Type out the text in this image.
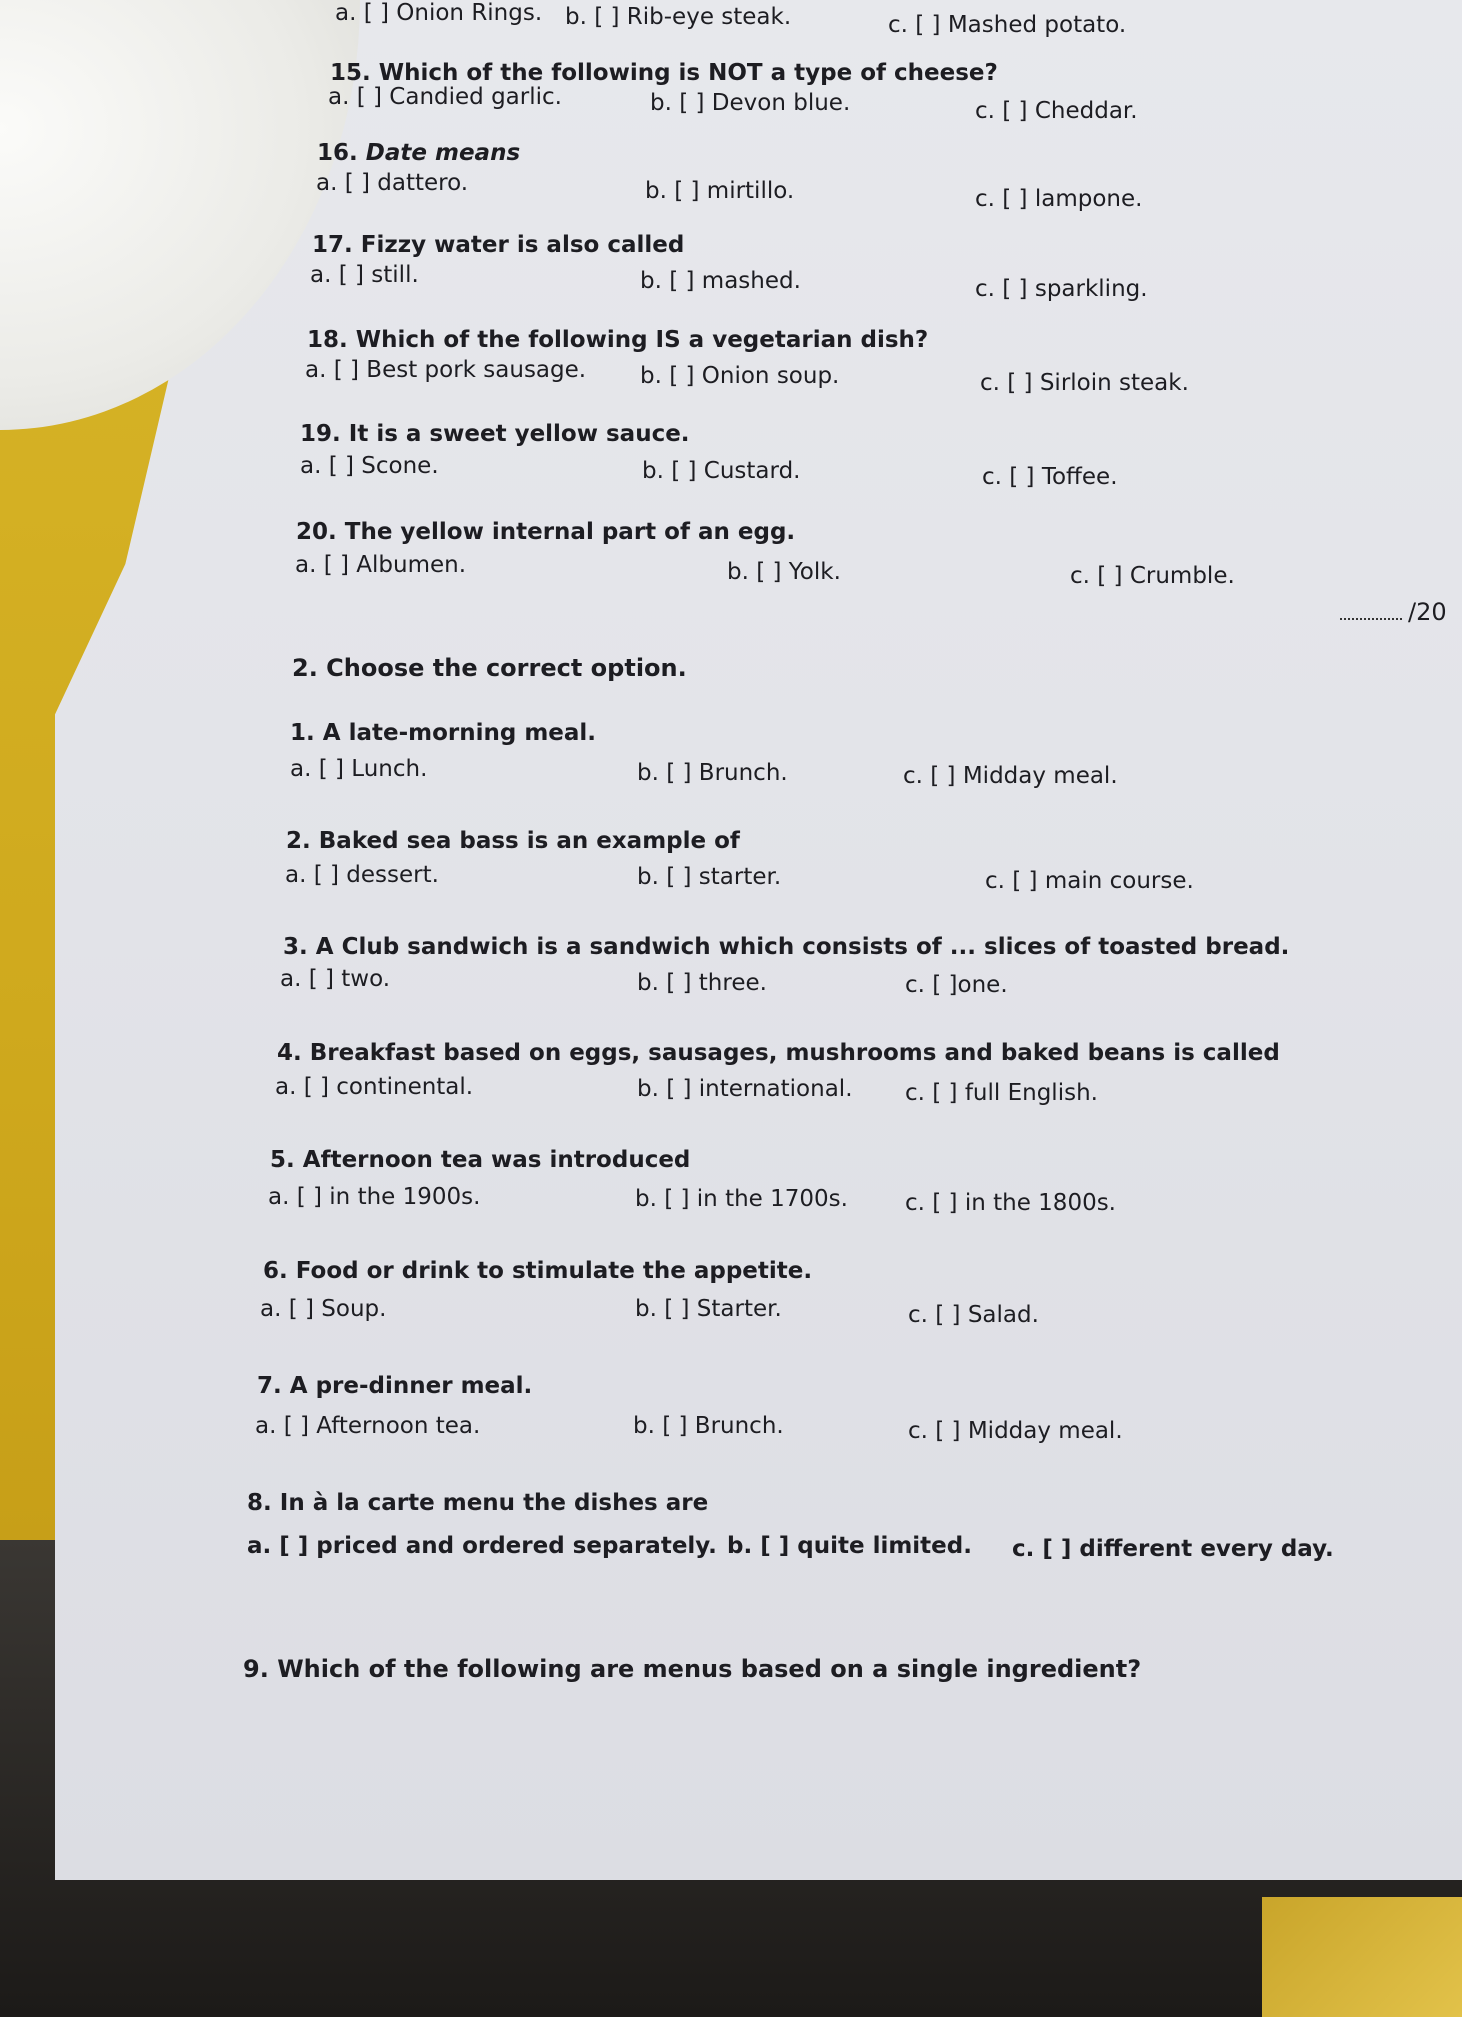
a. [ ] Onion Rings. b. [ ] Rib-eye steak.	c. [ ] Mashed potato.
15. Which of the following is NOT a type of cheese?
a. [ ] Candied garlic.	b. [ ] Devon blue.	c. [ ] Cheddar.
16. Date means
a. [ ] dattero.	b. [ ] mirtillo.	c. [ ] lampone.
17. Fizzy water is also called
a. [ ] still.	b. [ ] mashed.	c. [ ] sparkling.
18. Which of the following IS a vegetarian dish?
a. [ ] Best pork sausage. b. [ ] Onion soup.	c. [ ] Sirloin steak.
19. It is a sweet yellow sauce.
a. [ ] Scone.	b. [ ] Custard.	c. [ ] Toffee.
20. The yellow internal part of an egg.
a. [ ] Albumen.	b. [ ] Yolk.	c. [ ] Crumble.
/20
2. Choose the correct option.
1. A late-morning meal.
a. [ ] Lunch.	b. [ ] Brunch.	c. [ ] Midday meal.
2. Baked sea bass is an example of
a. [ ] dessert.	b. [ ] starter.	c. [ ] main course.
3. A Club sandwich is a sandwich which consists of ... slices of toasted bread.
a. [ ] two.	b. [ ] three.	c. [ ]one.
4. Breakfast based on eggs, sausages, mushrooms and baked beans is called
a. [ ] continental.	b. [ ] international. c. [ ] full English.
5. Afternoon tea was introduced
a. [ ] in the 1900s.	b. [ ] in the 1700s. c. [ ] in the 1800s.
6. Food or drink to stimulate the appetite.
a. [ ] Soup.	b. [ ] Starter.	c. [ ] Salad.
7. A pre-dinner meal.
a. [ ] Afternoon tea.	b. [ ] Brunch.	c. [ ] Midday meal.
8. In à la carte menu the dishes are
a. [ ] priced and ordered separately. b. [ ] quite limited. c. [ ] different every day.
9. Which of the following are menus based on a single ingredient?
